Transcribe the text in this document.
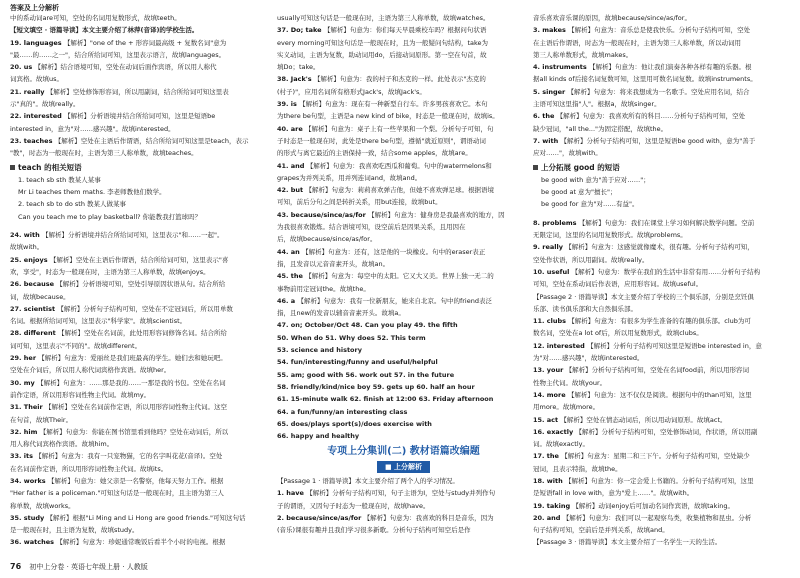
答案及上分解析
中的系动词are可知，空处的名词用复数形式，故填teeth。
【短文填空 · 语篇导读】本文主要介绍了林萍(音译)的学校生活。
19. languages 【解析】"one of the + 形容词最高级 + 复数名词"意为
"最……的……之一"，结合所给词可知，这里表示语言，故填languages。
20. us 【解析】结合语境可知，空处在动词后面作宾语，所以用人称代
词宾格。故填us。
21. really 【解析】空处修饰形容词，所以用副词，结合所给词可知这里表
示"真的"。故填really。
22. interested 【解析】分析语境并结合所给词可知，这里是短语be
interested in，意为"对……感兴趣"。故填interested。
23. teaches 【解析】空处在主语后作谓语，结合所给词可知这里是teach，表示
"教"，时态为一般现在时，主语为第三人称单数，故填teaches。
teach 的相关短语
1. teach sb sth 教某人某事
Mr Li teaches them maths. 李老师教他们数学。
2. teach sb to do sth 教某人做某事
Can you teach me to play basketball? 你能教我打篮球吗？
24. with 【解析】分析语境并结合所给词可知，这里表示"和……一起"。
故填with。
25. enjoys 【解析】空处在主语后作谓语，结合所给词可知，这里表示"喜
欢，享受"，时态为一般现在时，主语为第三人称单数，故填enjoys。
26. because 【解析】分析语境可知，空处引导原因状语从句。结合所给
词，故填because。
27. scientist 【解析】分析句子结构可知，空处在不定冠词后，所以用单数
名词。根据所给词可知，这里表示"科学家"。故填scientist。
28. different 【解析】空处在名词前，此处用形容词修饰名词。结合所给
词可知，这里表示"不同的"。故填different。
29. her 【解析】句意为：爱丽丝是我们班最高的学生。她们去和她玩吧。
空处在介词后，所以用人称代词宾格作宾语。故填her。
30. my 【解析】句意为：……那是我的……一那是我的书包。空处在名词
前作定语，所以用形容词性物主代词。故填my。
31. Their 【解析】空处在名词前作定语，所以用形容词性物主代词。这空
在句首，故填Their。
32. him 【解析】句意为：你能在图书馆里看到他吗？空处在动词后，所以
用人称代词宾格作宾语。故填him。
33. its 【解析】句意为：我有一只宠物猫，它的名字叫花花(音译)。空处
在名词前作定语，所以用形容词性物主代词。故填its。
34. works 【解析】句意为：她父亲是一名警察，他每天努力工作。根据
"Her father is a policeman."可知这句话是一般现在时，且主语为第三人
称单数，故填works。
35. study 【解析】根据"Li Ming and Li Hong are good friends."可知这句话
是一般现在时，且主语为复数，故填study。
36. watches 【解析】句意为：珍妮通常晚饭后看半个小时的电视。根据
usually可知这句话是一般现在时，主语为第三人称单数，故填watches。
37. Do; take 【解析】句意为：你们每天早晨乘校车吗？根据问句状语
every morning可知这句话是一般现在时，且为一般疑问句结构，take为
实义动词，主语为复数，助动词用do，后接动词原形。第一空在句首，故
填Do；take。
38. Jack's 【解析】句意为：我的村子和杰克的一样。此处表示"杰克的
(村子)"，应用名词所有格形式Jack's，故填Jack's。
39. is 【解析】句意为：现在有一种新型自行车。许多男孩喜欢它。本句
为there be句型，主语是a new kind of bike，时态是一般现在时，故填is。
40. are 【解析】句意为：桌子上有一些苹果和一个梨。分析句子可知，句
子时态是一般现在时，此处是there be句型，遵循"就近原则"，谓语动词
的形式与离它最近的主语保持一致，结合some apples，故填are。
41. and 【解析】句意为：我喜欢吃西瓜和葡萄。句中的watermelons和
grapes为并列关系，用并列连词and，故填and。
42. but 【解析】句意为：莉莉喜欢弹吉他，但她不喜欢弹足球。根据语境
可知，前后分句之间是转折关系，用but连接，故填but。
43. because/since/as/for 【解析】句意为：健身房是我最喜欢的地方，因
为我很喜欢锻炼。结合语境可知，设空前后是因果关系，且用因在
后，故填because/since/as/for。
44. an 【解析】句意为：还有，这是他的一块橡皮。句中的eraser表正
指，且发音以元音音素开头，故填an。
45. the 【解析】句意为：每空中的太阳。它又大又美。世界上独一无二的
事物前用定冠词the。故填the。
46. a 【解析】句意为：我有一位新朋友，她来自北京。句中的friend表泛
指，且new的发音以辅音音素开头。故填a。
47. on; October/Oct 48. Can you play 49. the fifth
50. When do 51. Why does 52. This term
53. science and history
54. fun/interesting/funny and useful/helpful
55. am; good with 56. work out 57. in the future
58. friendly/kind/nice boy 59. gets up 60. half an hour
61. 15-minute walk 62. finish at 12:00 63. Friday afternoon
64. a fun/funny/an interesting class
65. does/plays sport(s)/does exercise with
66. happy and healthy
专项上分集训(二) 教材语篇改编题
■ 上分解析
【Passage 1 · 语篇导读】本文主要介绍了两个人的学习情况。
1. have 【解析】分析句子结构可知，句子主语为I，空处与study并列作句
子的谓语，又因句子时态为一般现在时，故填have。
2. because/since/as/for 【解析】句意为：我喜欢的科目是音乐，因为
(音乐)课很有趣并且我们学习很多新歌。分析句子结构可知空后是作
音乐喜欢音乐课的原因，故填because/since/as/for。
3. makes 【解析】句意为：音乐总是使我快乐。分析句子结构可知，空处
在主语后作谓语，时态为一般现在时，主语为第三人称单数，所以动词用
第三人称单数形式，故填makes。
4. instruments 【解析】句意为：他让我们演奏各种各样有趣的乐器。根
据all kinds of后接名词复数可知，这里用可数名词复数。故填instruments。
5. singer 【解析】句意为：将来我想成为一名歌手。空处应用名词，结合
主语可知这里指"人"。根据a，故填singer。
6. the 【解析】句意为：我喜欢所有的科目……分析句子结构可知，空处
缺少冠词，"all the..."为固定搭配，故填the。
7. with 【解析】分析句子结构可知，这里是短语be good with，意为"善于
应对……"，故填with。
上分拓展 good 的短语
be good with 意为"善于应对……"；
be good at 意为"擅长"；
be good for 意为"对……有益"。
8. problems 【解析】句意为：我们在课堂上学习如何解决数学问题。空前
无限定词，这里的名词用复数形式。故填problems。
9. really 【解析】句意为：这感觉就像魔术，很有趣。分析句子结构可知，
空处作状语，所以用副词。故填really。
10. useful 【解析】句意为：数学在我们的生活中非常有用……分析句子结构
可知，空处在系动词后作表语，应用形容词。故填useful。
【Passage 2 · 语篇导读】本文主要介绍了学校的三个俱乐部，分别是烹饪俱
乐部、读书俱乐部和大自然俱乐部。
11. clubs 【解析】句意为：有很多为学生准备的有趣的俱乐部。club为可
数名词，空处在a lot of后，所以用复数形式，故填clubs。
12. interested 【解析】分析句子结构可知这里是短语be interested in，意
为"对……感兴趣"，故填interested。
13. your 【解析】分析句子结构可知，空处在名词food前，所以用形容词
性物主代词。故填your。
14. more 【解析】句意为：这不仅仅是阅读。根据句中的than可知，这里
用more。故填more。
15. act 【解析】空处在情态动词后，所以用动词原形。故填act。
16. exactly 【解析】分析句子结构可知，空处修饰动词，作状语，所以用副
词。故填exactly。
17. the 【解析】句意为：星期二和三下午。分析句子结构可知，空处缺少
冠词，且表示特指，故填the。
18. with 【解析】句意为：你一定会爱上书籍的。分析句子结构可知，这里
是短语fall in love with，意为"爱上……"。故填with。
19. taking 【解析】动词enjoy后可加动名词作宾语，故填taking。
20. and 【解析】句意为：我们可以一起观察鸟类，收集植物和昆虫。分析
句子结构可知，空前后是并列关系，故填and。
【Passage 3 · 语篇导读】本文主要介绍了一名学生一天的生活。
76 初中上分卷 · 英语七年级上册 · 人教版
